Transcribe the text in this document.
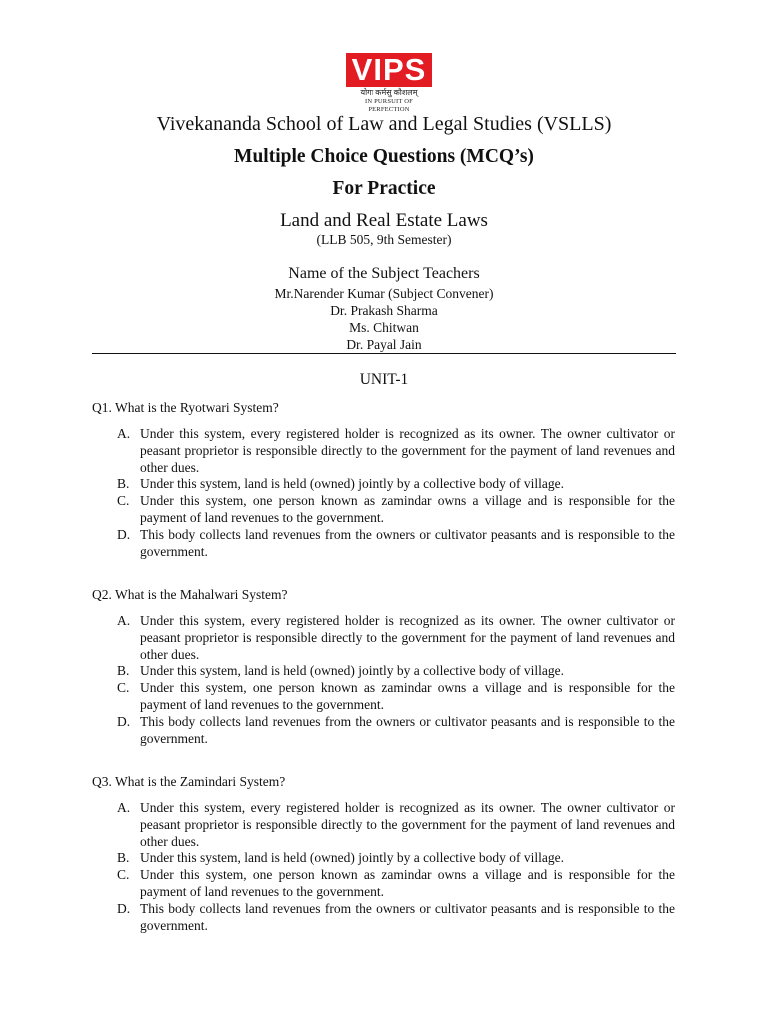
VIPS
योगः कर्मसु कौशलम्
IN PURSUIT OF PERFECTION
Vivekananda School of Law and Legal Studies (VSLLS)
Multiple Choice Questions (MCQ’s)
For Practice
Land and Real Estate Laws
(LLB 505, 9th Semester)
Name of the Subject Teachers
Mr.Narender Kumar (Subject Convener)
Dr. Prakash Sharma
Ms. Chitwan
Dr. Payal Jain
UNIT-1
Q1. What is the Ryotwari System?
A. Under this system, every registered holder is recognized as its owner. The owner cultivator or peasant proprietor is responsible directly to the government for the payment of land revenues and other dues.
B. Under this system, land is held (owned) jointly by a collective body of village.
C. Under this system, one person known as zamindar owns a village and is responsible for the payment of land revenues to the government.
D. This body collects land revenues from the owners or cultivator peasants and is responsible to the government.
Q2. What is the Mahalwari System?
A. Under this system, every registered holder is recognized as its owner. The owner cultivator or peasant proprietor is responsible directly to the government for the payment of land revenues and other dues.
B. Under this system, land is held (owned) jointly by a collective body of village.
C. Under this system, one person known as zamindar owns a village and is responsible for the payment of land revenues to the government.
D. This body collects land revenues from the owners or cultivator peasants and is responsible to the government.
Q3. What is the Zamindari System?
A. Under this system, every registered holder is recognized as its owner. The owner cultivator or peasant proprietor is responsible directly to the government for the payment of land revenues and other dues.
B. Under this system, land is held (owned) jointly by a collective body of village.
C. Under this system, one person known as zamindar owns a village and is responsible for the payment of land revenues to the government.
D. This body collects land revenues from the owners or cultivator peasants and is responsible to the government.
